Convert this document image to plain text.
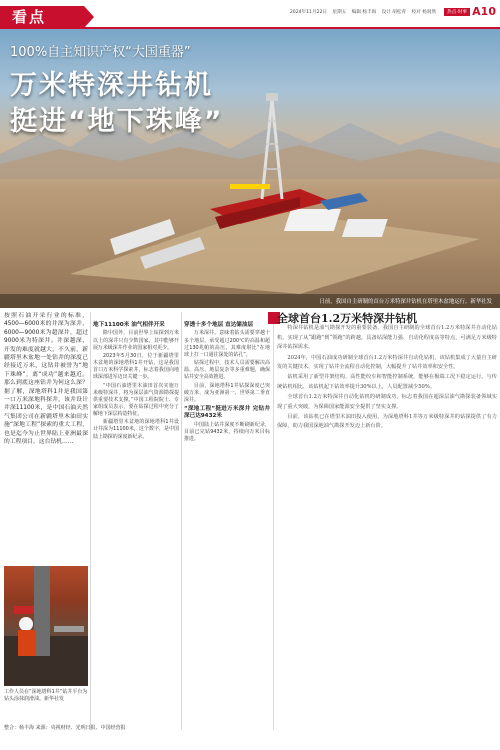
看点	2024年11月22日 星期五 编辑 杨丰海 设计 胡松青 校对 杨润然	热点·时事 A10
100%自主知识产权“大国重器”
万米特深井钻机
挺进“地下珠峰”
日前，我国自主研制的首台万米特深井钻机在塔里木盆地运行。新华社发

按照石油开采行业的标准，4500—6000米的井深为深井，6000—9000米为超深井，超过9000米为特深井。井深越深，开发的难度就越大，不久前，新疆塔里木盆地一处钻井的深度已经接近万米，这钻井被誉为“地下珠峰”，离“成功”越来越近。那么到底这座钻井为何这么深？据了解，深地塔科1井是我国第一口万米深地科探井，该井设计井深11100米，是中国石油天然气集团公司在新疆塔里木油田实施“深地工程”探索的重大工程，也是迄今为止世界陆上亚洲最深的工程项目，这台钻机……

地下11100米 油气相伴开采

除中国外，目前世界上钻探到万米以上的深井只有少数国家，其中能够开展万米级深井作业的国家相对更少。

2023年5月30日，位于新疆塔里木盆地的深地塔科1井开钻，这是我国首口万米科学探索井，标志着我国向地球深部进军迈出关键一步。

“中国石油塔里木油田首次实施万米级特深井，将为深层油气资源勘探提供重要技术支撑。”中国工程院院士、专家组成员表示，要在钻探过程中充分了解地下深层构造特征。

新疆塔里木盆地的深地塔科1井设计井深为11100米，这个数字，是中国陆上勘探的深度新纪录。

穿透十多个地层 直达储油层

万米深井，意味着钻头需要穿越十多个地层，承受超过200℃的高温和超过130兆帕的高压，其难度堪比“在地球上打一口通往深处的钻孔”。

钻探过程中，技术人员需要解决高温、高压、地层复杂等多重难题，确保钻井安全高效推进。

目前，深地塔科1井钻探深度已突破万米，成为亚洲第一、世界第二垂直深井。

“深地工程”挺进万米深井 完钻井深已达9432米

中国陆上钻井深度不断刷新纪录，目前已完钻9432米，持续向万米目标推进。

全球首台1.2万米特深井钻机

特深井钻机是油气勘探开发的重要装备。我国自主研制的全球首台1.2万米特深井自动化钻机，实现了从“跟跑”到“领跑”的跨越，具备钻深能力强、自动化程度高等特点，可满足万米级特深井钻探需求。

2024年，中国石油成功研制全球首台1.2万米特深井自动化钻机，该钻机集成了大量自主研发的关键技术，实现了钻井全流程自动化控制，大幅提升了钻井效率和安全性。

钻机采用了新型井架结构、高性能绞车和智能控制系统，能够在极端工况下稳定运行。与传统钻机相比，该钻机起下钻效率提升30%以上，人员配置减少50%。

全球首台1.2万米特深井自动化钻机的研制成功，标志着我国在超深层油气勘探装备领域实现了重大突破，为保障国家能源安全提供了坚实支撑。

目前，该钻机已在塔里木油田投入使用，为深地塔科1井等万米级特深井的钻探提供了有力保障，助力我国深地油气勘探开发迈上新台阶。

工作人员在“深地塔科1井”钻井平台为钻头涂抹润滑油。新华社发
整合：杨丰海 来源：央视财经、光明日报、中国经营报
